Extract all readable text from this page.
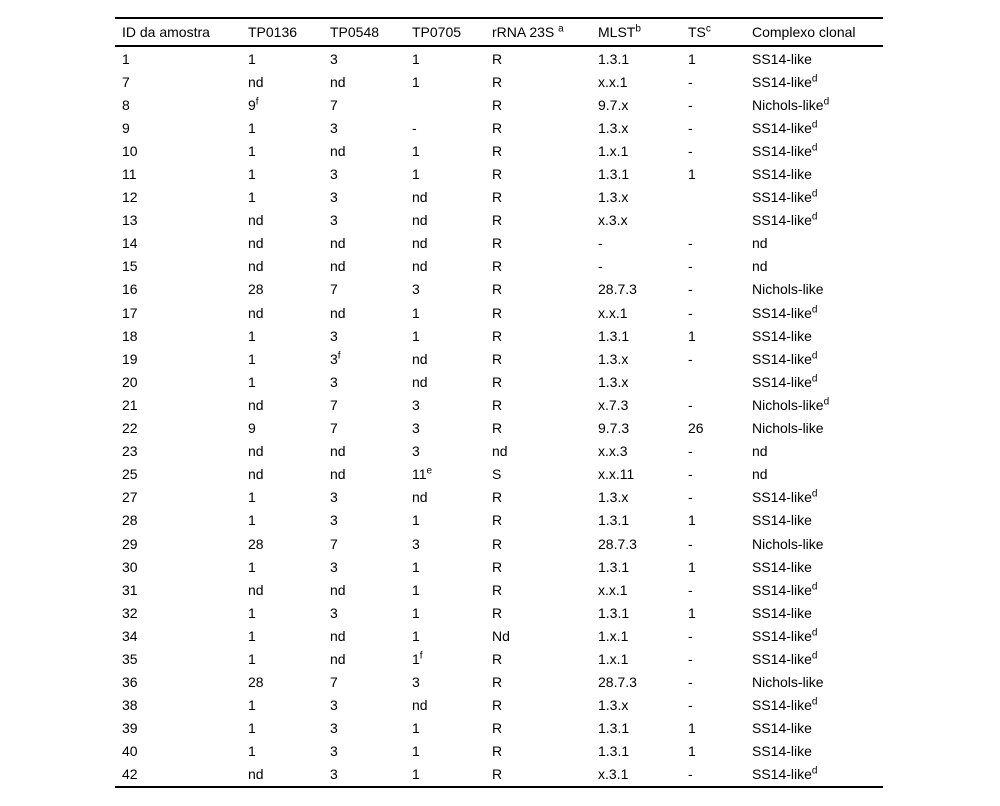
ID da amostra	TP0136	TP0548	TP0705	rRNA 23S $^a$	MLST$^b$	$TS^c$	Complexo clonal
1	1	3	1	R	1.3.1	1	SS14-like
7	nd	nd	1	R	x.x.1	-	SS14-like$^d$
8	9$^f$	7		R	9.7.x	-	Nichols-like$^d$
9	1	3	-	R	1.3.x	-	SS14-like$^d$
10	1	nd	1	R	1.x.1	-	SS14-like$^d$
11	1	3	1	R	1.3.1	1	SS14-like
12	1	3	nd	R	1.3.x		SS14-like$^d$
13	nd	3	nd	R	x.3.x		SS14-like$^d$
14	nd	nd	nd	R	-	-	nd
15	nd	nd	nd	R	-	-	nd
16	28	7	3	R	28.7.3	-	Nichols-like
17	nd	nd	1	R	x.x.1	-	SS14-like$^d$
18	1	3	1	R	1.3.1	1	SS14-like
19	1	3$^f$	nd	R	1.3.x	-	SS14-like$^d$
20	1	3	nd	R	1.3.x		SS14-like$^d$
21	nd	7	3	R	x.7.3	-	Nichols-like$^d$
22	9	7	3	R	9.7.3	26	Nichols-like
23	nd	nd	3	nd	x.x.3	-	nd
25	nd	nd	11e	S	x.x.11	-	nd
27	1	3	nd	R	1.3.x	-	SS14-like$^d$
28	1	3	1	R	1.3.1	1	SS14-like
29	28	7	3	R	28.7.3	-	Nichols-like
30	1	3	1	R	1.3.1	1	SS14-like
31	nd	nd	1	R	x.x.1	-	SS14-like$^d$
32	1	3	1	R	1.3.1	1	SS14-like
34	1	nd	1	Nd	1.x.1	-	SS14-like$^d$
35	1	nd	1$^f$	R	1.x.1	-	SS14-like$^d$
36	28	7	3	R	28.7.3	-	Nichols-like
38	1	3	nd	R	1.3.x	-	SS14-like$^d$
39	1	3	1	R	1.3.1	1	SS14-like
40	1	3	1	R	1.3.1	1	SS14-like
42	nd	3	1	R	x.3.1	-	SS14-like$^d$
